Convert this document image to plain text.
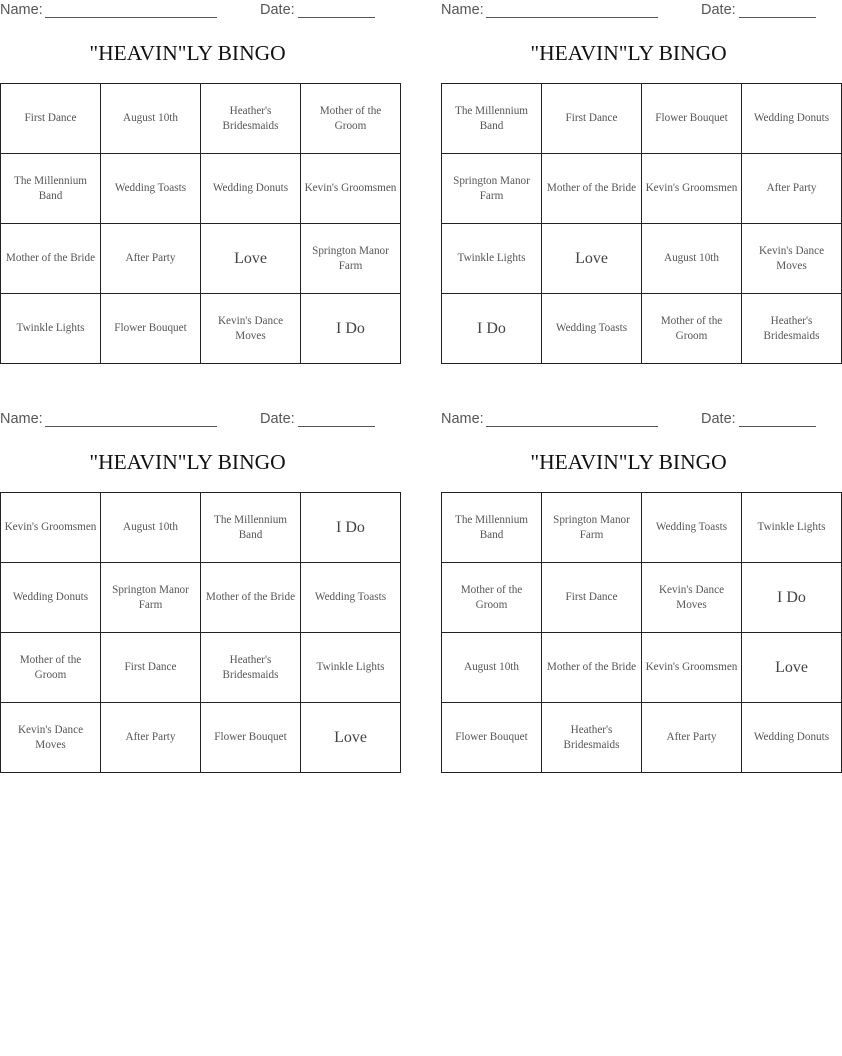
Name:	Date:
"HEAVIN"LY BINGO
First Dance	August 10th	Heather's Bridesmaids	Mother of the Groom
The Millennium Band	Wedding Toasts	Wedding Donuts	Kevin's Groomsmen
Mother of the Bride	After Party	Love	Springton Manor Farm
Twinkle Lights	Flower Bouquet	Kevin's Dance Moves	I Do
Name:	Date:
"HEAVIN"LY BINGO
The Millennium Band	First Dance	Flower Bouquet	Wedding Donuts
Springton Manor Farm	Mother of the Bride	Kevin's Groomsmen	After Party
Twinkle Lights	Love	August 10th	Kevin's Dance Moves
I Do	Wedding Toasts	Mother of the Groom	Heather's Bridesmaids
Name:	Date:
"HEAVIN"LY BINGO
Kevin's Groomsmen	August 10th	The Millennium Band	I Do
Wedding Donuts	Springton Manor Farm	Mother of the Bride	Wedding Toasts
Mother of the Groom	First Dance	Heather's Bridesmaids	Twinkle Lights
Kevin's Dance Moves	After Party	Flower Bouquet	Love
Name:	Date:
"HEAVIN"LY BINGO
The Millennium Band	Springton Manor Farm	Wedding Toasts	Twinkle Lights
Mother of the Groom	First Dance	Kevin's Dance Moves	I Do
August 10th	Mother of the Bride	Kevin's Groomsmen	Love
Flower Bouquet	Heather's Bridesmaids	After Party	Wedding Donuts
